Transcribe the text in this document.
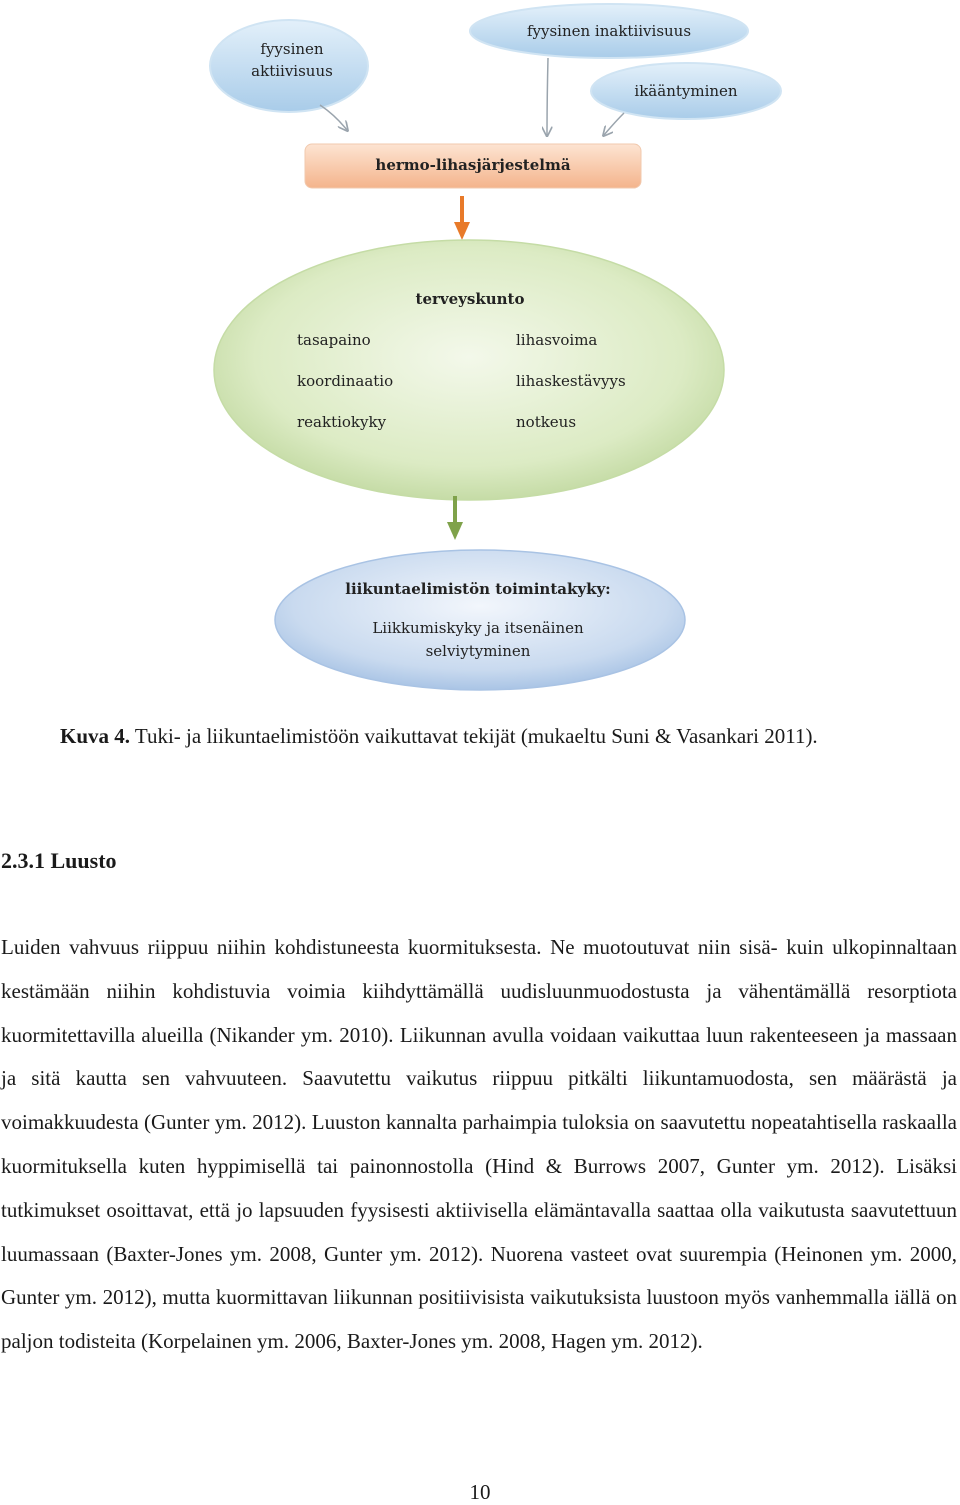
fyysinen
aktiivisuus
fyysinen inaktiivisuus
ikääntyminen
hermo-lihasjärjestelmä
terveyskunto
tasapaino
koordinaatio
reaktiokyky
lihasvoima
lihaskestävyys
notkeus
liikuntaelimistön toimintakyky:
Liikkumiskyky ja itsenäinen
selviytyminen
Kuva 4. Tuki- ja liikuntaelimistöön vaikuttavat tekijät (mukaeltu Suni & Vasankari 2011).
2.3.1 Luusto

Luiden vahvuus riippuu niihin kohdistuneesta kuormituksesta. Ne muotoutuvat niin sisä- kuin ulkopinnaltaan kestämään niihin kohdistuvia voimia kiihdyttämällä uudisluunmuodostusta ja vähentämällä resorptiota kuormitettavilla alueilla (Nikander ym. 2010). Liikunnan avulla voidaan vaikuttaa luun rakenteeseen ja massaan ja sitä kautta sen vahvuuteen. Saavutettu vaikutus riippuu pitkälti liikuntamuodosta, sen määrästä ja voimakkuudesta (Gunter ym. 2012). Luuston kannalta parhaimpia tuloksia on saavutettu nopeatahtisella raskaalla kuormituksella kuten hyppimisellä tai painonnostolla (Hind & Burrows 2007, Gunter ym. 2012). Lisäksi tutkimukset osoittavat, että jo lapsuuden fyysisesti aktiivisella elämäntavalla saattaa olla vaikutusta saavutettuun luumassaan (Baxter-Jones ym. 2008, Gunter ym. 2012). Nuorena vasteet ovat suurempia (Heinonen ym. 2000, Gunter ym. 2012), mutta kuormittavan liikunnan positiivisista vaikutuksista luustoon myös vanhemmalla iällä on paljon todisteita (Korpelainen ym. 2006, Baxter-Jones ym. 2008, Hagen ym. 2012).

10
